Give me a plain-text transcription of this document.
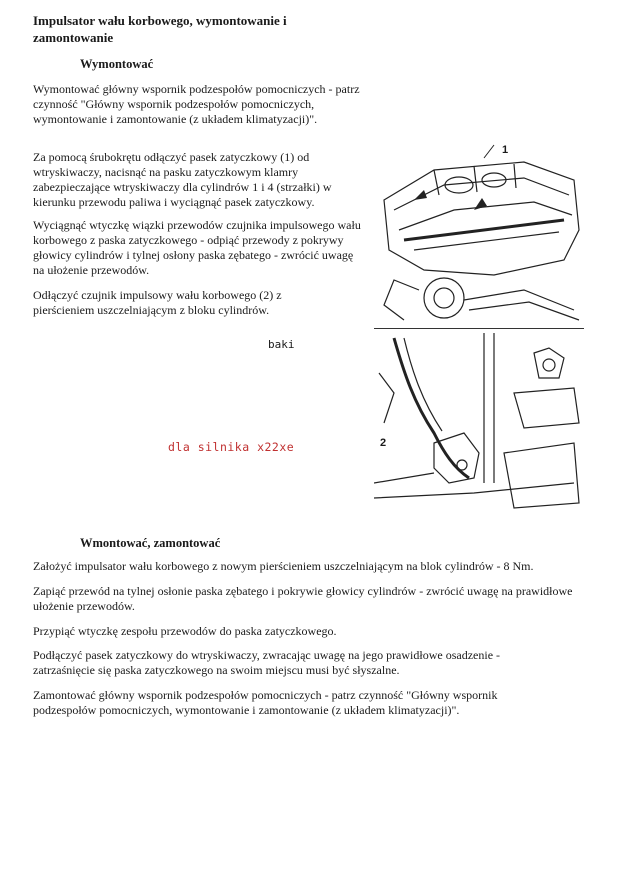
Impulsator wału korbowego, wymontowanie i zamontowanie
Wymontować
Wymontować główny wspornik podzespołów pomocniczych - patrz czynność "Główny wspornik podzespołów pomocniczych, wymontowanie i zamontowanie (z układem klimatyzacji)".
Za pomocą śrubokrętu odłączyć pasek zatyczkowy (1) od wtryskiwaczy, nacisnąć na pasku zatyczkowym klamry zabezpieczające wtryskiwaczy dla cylindrów 1 i 4 (strzałki) w kierunku przewodu paliwa i wyciągnąć pasek zatyczkowy.
Wyciągnąć wtyczkę wiązki przewodów czujnika impulsowego wału korbowego z paska zatyczkowego - odpiąć przewody z pokrywy głowicy cylindrów i tylnej osłony paska zębatego - zwrócić uwagę na ułożenie przewodów.
Odłączyć czujnik impulsowy wału korbowego (2) z pierścieniem uszczelniającym z bloku cylindrów.
baki
dla silnika x22xe
1
2
Wmontować, zamontować
Założyć impulsator wału korbowego z nowym pierścieniem uszczelniającym na blok cylindrów - 8 Nm.
Zapiąć przewód na tylnej osłonie paska zębatego i pokrywie głowicy cylindrów - zwrócić uwagę na prawidłowe ułożenie przewodów.
Przypiąć wtyczkę zespołu przewodów do paska zatyczkowego.
Podłączyć pasek zatyczkowy do wtryskiwaczy, zwracając uwagę na jego prawidłowe osadzenie - zatrzaśnięcie się paska zatyczkowego na swoim miejscu musi być słyszalne.
Zamontować główny wspornik podzespołów pomocniczych - patrz czynność "Główny wspornik podzespołów pomocniczych, wymontowanie i zamontowanie (z układem klimatyzacji)".
